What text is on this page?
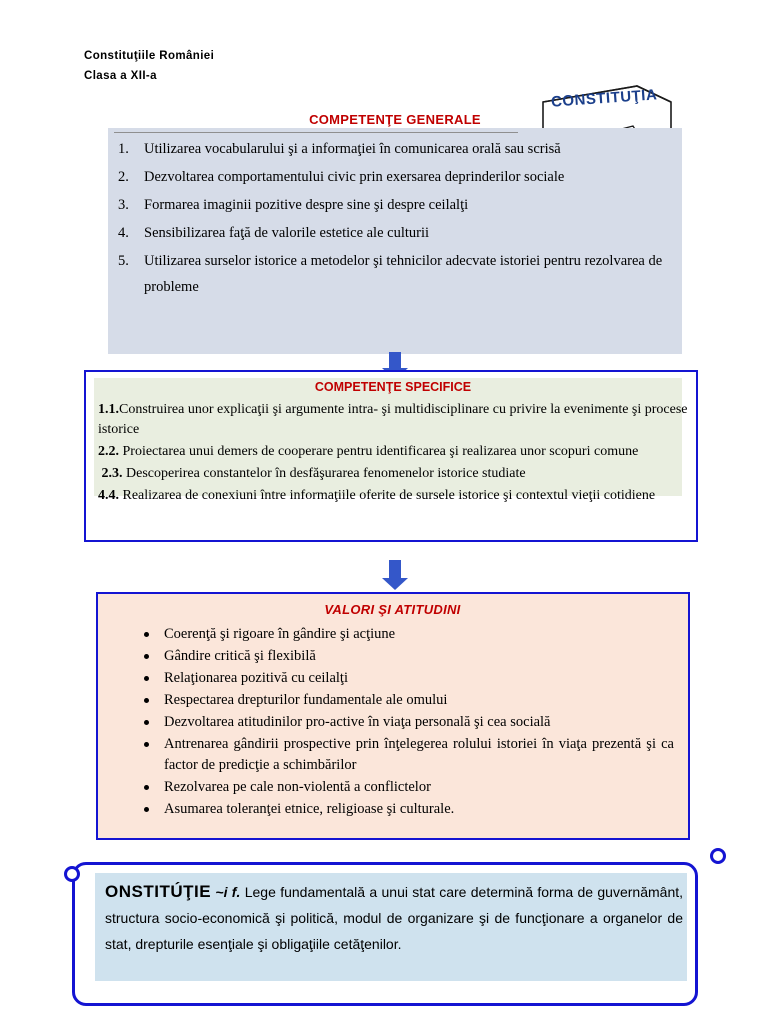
Constituţiile României

Clasa a XII-a
CONSTITUŢIA
COMPETENŢE GENERALE
1. Utilizarea vocabularului şi a informaţiei în comunicarea orală sau scrisă
2. Dezvoltarea comportamentului civic prin exersarea deprinderilor sociale
3. Formarea imaginii pozitive despre sine şi despre ceilalţi
4. Sensibilizarea faţă de valorile estetice ale culturii
5. Utilizarea surselor istorice a metodelor şi tehnicilor adecvate istoriei pentru rezolvarea de probleme
COMPETENŢE SPECIFICE

1.1.Construirea unor explicaţii şi argumente intra- şi multidisciplinare cu privire la evenimente şi procese istorice

2.2. Proiectarea unui demers de cooperare pentru identificarea şi realizarea unor scopuri comune

2.3. Descoperirea constantelor în desfăşurarea fenomenelor istorice studiate

4.4. Realizarea de conexiuni între informaţiile oferite de sursele istorice şi contextul vieţii cotidiene

VALORI ŞI ATITUDINI
Coerenţă şi rigoare în gândire şi acţiune
Gândire critică şi flexibilă
Relaţionarea pozitivă cu ceilalţi
Respectarea drepturilor fundamentale ale omului
Dezvoltarea atitudinilor pro-active în viaţa personală şi cea socială
Antrenarea gândirii prospective prin înţelegerea rolului istoriei în viaţa prezentă şi ca factor de predicţie a schimbărilor
Rezolvarea pe cale non-violentă a conflictelor
Asumarea toleranţei etnice, religioase şi culturale.
ONSTITÚŢIE ~i f. Lege fundamentală a unui stat care determină forma de guvernământ, structura socio-economică şi politică, modul de organizare şi de funcţionare a organelor de stat, drepturile esenţiale şi obligaţiile cetăţenilor.
